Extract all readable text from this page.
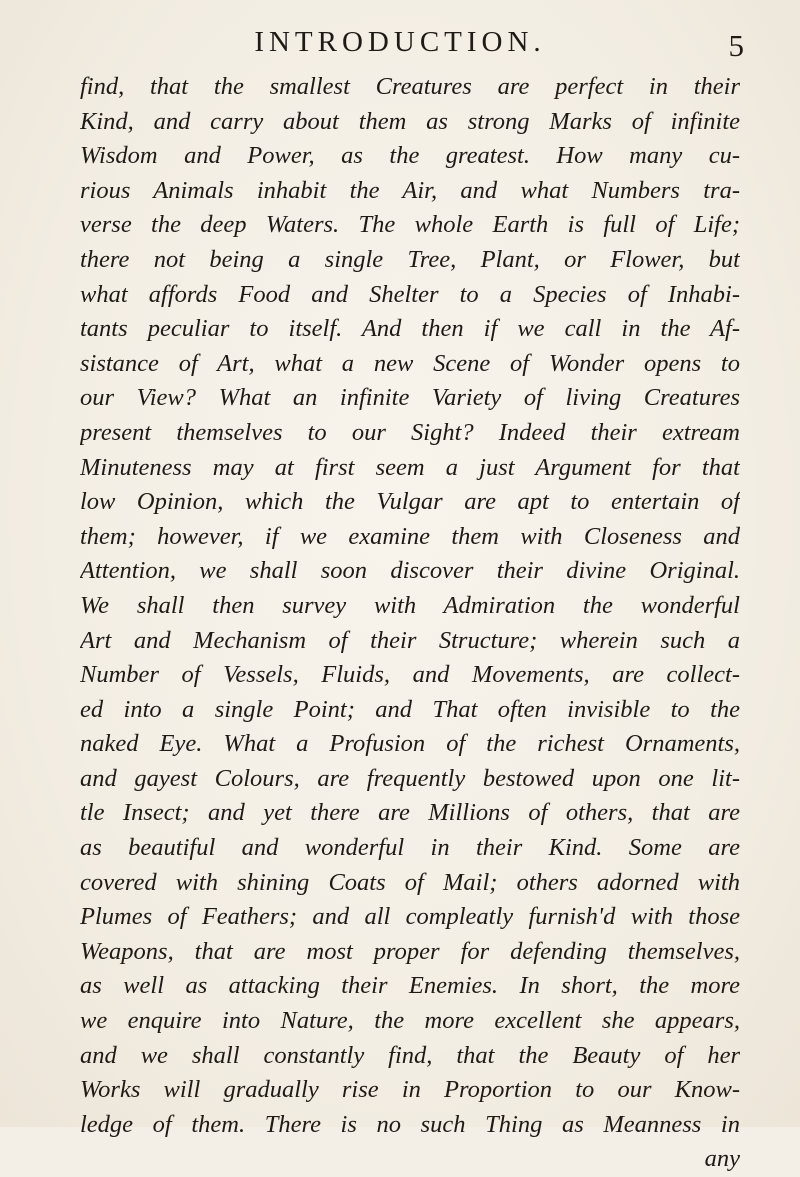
INTRODUCTION.	5
find, that the smallest Creatures are perfect in their
Kind, and carry about them as strong Marks of infinite
Wisdom and Power, as the greatest. How many cu-
rious Animals inhabit the Air, and what Numbers tra-
verse the deep Waters. The whole Earth is full of Life;
there not being a single Tree, Plant, or Flower, but
what affords Food and Shelter to a Species of Inhabi-
tants peculiar to itself. And then if we call in the Af-
sistance of Art, what a new Scene of Wonder opens to
our View? What an infinite Variety of living Creatures
present themselves to our Sight? Indeed their extream
Minuteness may at first seem a just Argument for that
low Opinion, which the Vulgar are apt to entertain of
them; however, if we examine them with Closeness and
Attention, we shall soon discover their divine Original.
We shall then survey with Admiration the wonderful
Art and Mechanism of their Structure; wherein such a
Number of Vessels, Fluids, and Movements, are collect-
ed into a single Point; and That often invisible to the
naked Eye. What a Profusion of the richest Ornaments,
and gayest Colours, are frequently bestowed upon one lit-
tle Insect; and yet there are Millions of others, that are
as beautiful and wonderful in their Kind. Some are
covered with shining Coats of Mail; others adorned with
Plumes of Feathers; and all compleatly furnish'd with those
Weapons, that are most proper for defending themselves,
as well as attacking their Enemies. In short, the more
we enquire into Nature, the more excellent she appears,
and we shall constantly find, that the Beauty of her
Works will gradually rise in Proportion to our Know-
ledge of them. There is no such Thing as Meanness in
any
